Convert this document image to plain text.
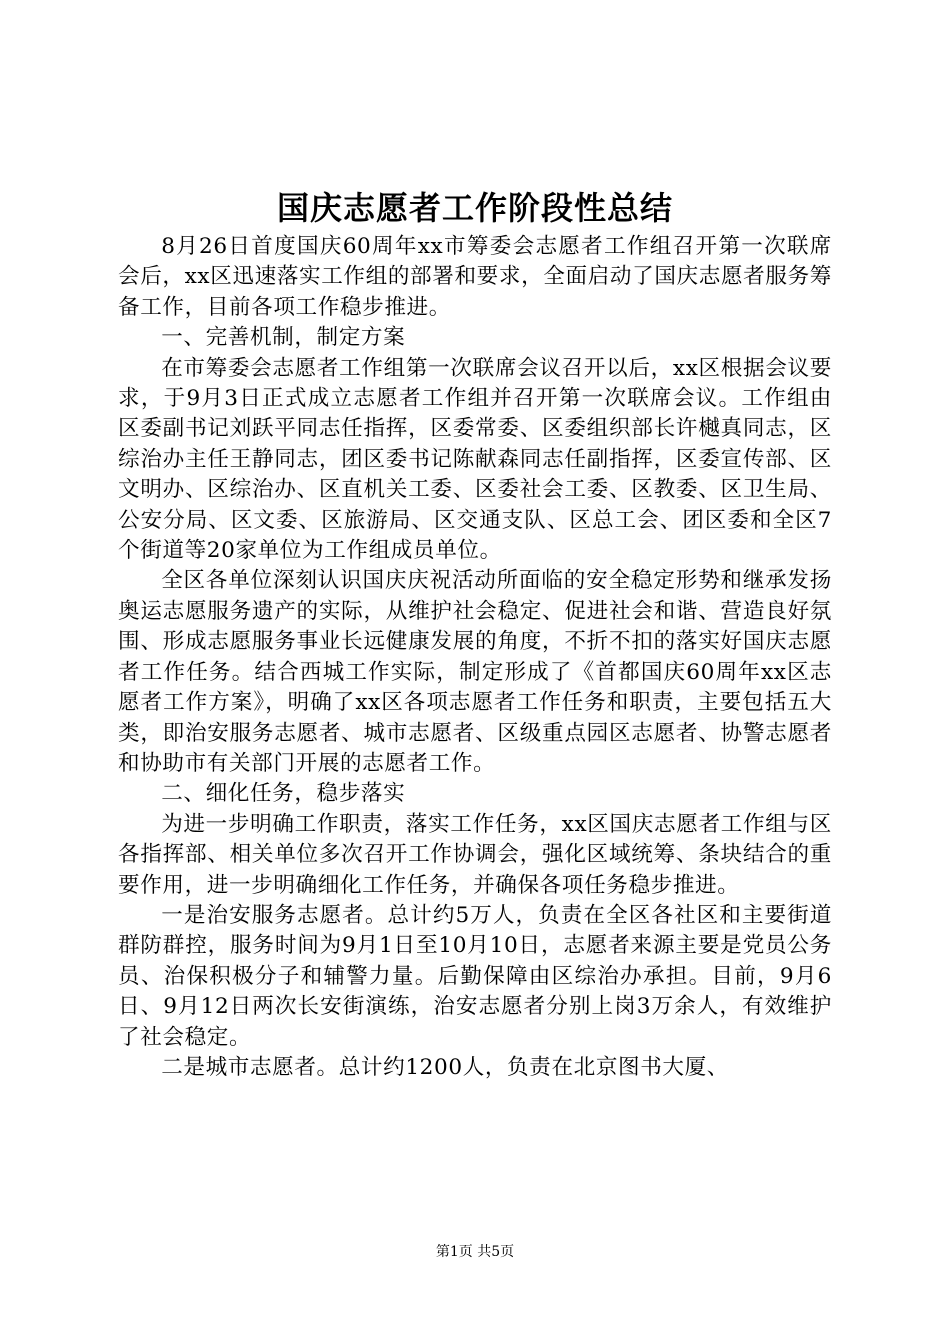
国庆志愿者工作阶段性总结

8月26日首度国庆60周年xx市筹委会志愿者工作组召开第一次联席会后，xx区迅速落实工作组的部署和要求，全面启动了国庆志愿者服务筹备工作，目前各项工作稳步推进。

一、完善机制，制定方案

在市筹委会志愿者工作组第一次联席会议召开以后，xx区根据会议要求，于9月3日正式成立志愿者工作组并召开第一次联席会议。工作组由区委副书记刘跃平同志任指挥，区委常委、区委组织部长许樾真同志，区综治办主任王静同志，团区委书记陈献森同志任副指挥，区委宣传部、区文明办、区综治办、区直机关工委、区委社会工委、区教委、区卫生局、公安分局、区文委、区旅游局、区交通支队、区总工会、团区委和全区7个街道等20家单位为工作组成员单位。

全区各单位深刻认识国庆庆祝活动所面临的安全稳定形势和继承发扬奥运志愿服务遗产的实际，从维护社会稳定、促进社会和谐、营造良好氛围、形成志愿服务事业长远健康发展的角度，不折不扣的落实好国庆志愿者工作任务。结合西城工作实际，制定形成了《首都国庆60周年xx区志愿者工作方案》，明确了xx区各项志愿者工作任务和职责，主要包括五大类，即治安服务志愿者、城市志愿者、区级重点园区志愿者、协警志愿者和协助市有关部门开展的志愿者工作。

二、细化任务，稳步落实

为进一步明确工作职责，落实工作任务，xx区国庆志愿者工作组与区各指挥部、相关单位多次召开工作协调会，强化区域统筹、条块结合的重要作用，进一步明确细化工作任务，并确保各项任务稳步推进。

一是治安服务志愿者。总计约5万人，负责在全区各社区和主要街道群防群控，服务时间为9月1日至10月10日，志愿者来源主要是党员公务员、治保积极分子和辅警力量。后勤保障由区综治办承担。目前，9月6日、9月12日两次长安街演练，治安志愿者分别上岗3万余人，有效维护了社会稳定。

二是城市志愿者。总计约1200人，负责在北京图书大厦、

第1页 共5页
